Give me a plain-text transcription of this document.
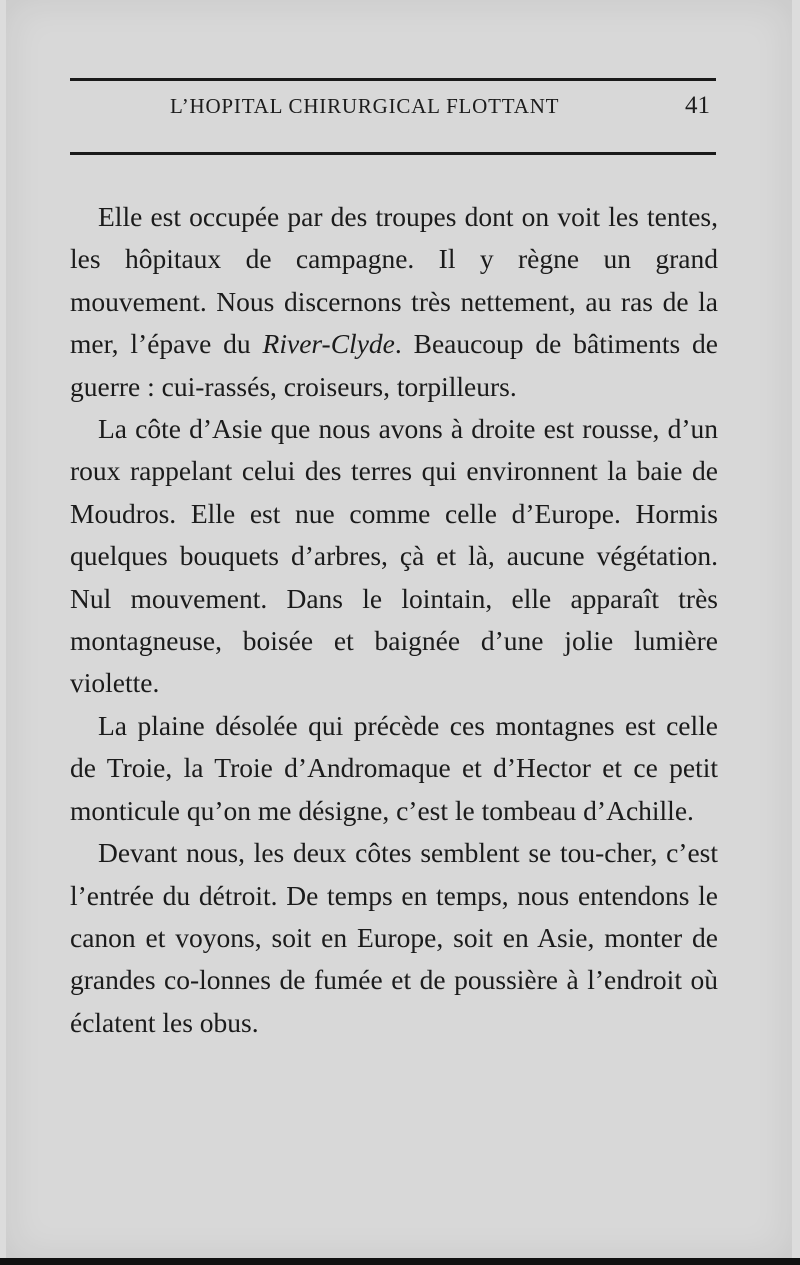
L’HOPITAL CHIRURGICAL FLOTTANT	41

Elle est occupée par des troupes dont on voit les tentes, les hôpitaux de campagne. Il y règne un grand mouvement. Nous discernons très nettement, au ras de la mer, l’épave du River-Clyde. Beaucoup de bâtiments de guerre : cui-rassés, croiseurs, torpilleurs.

La côte d’Asie que nous avons à droite est rousse, d’un roux rappelant celui des terres qui environnent la baie de Moudros. Elle est nue comme celle d’Europe. Hormis quelques bouquets d’arbres, çà et là, aucune végétation. Nul mouvement. Dans le lointain, elle apparaît très montagneuse, boisée et baignée d’une jolie lumière violette.

La plaine désolée qui précède ces montagnes est celle de Troie, la Troie d’Andromaque et d’Hector et ce petit monticule qu’on me désigne, c’est le tombeau d’Achille.

Devant nous, les deux côtes semblent se tou-cher, c’est l’entrée du détroit. De temps en temps, nous entendons le canon et voyons, soit en Europe, soit en Asie, monter de grandes co-lonnes de fumée et de poussière à l’endroit où éclatent les obus.
